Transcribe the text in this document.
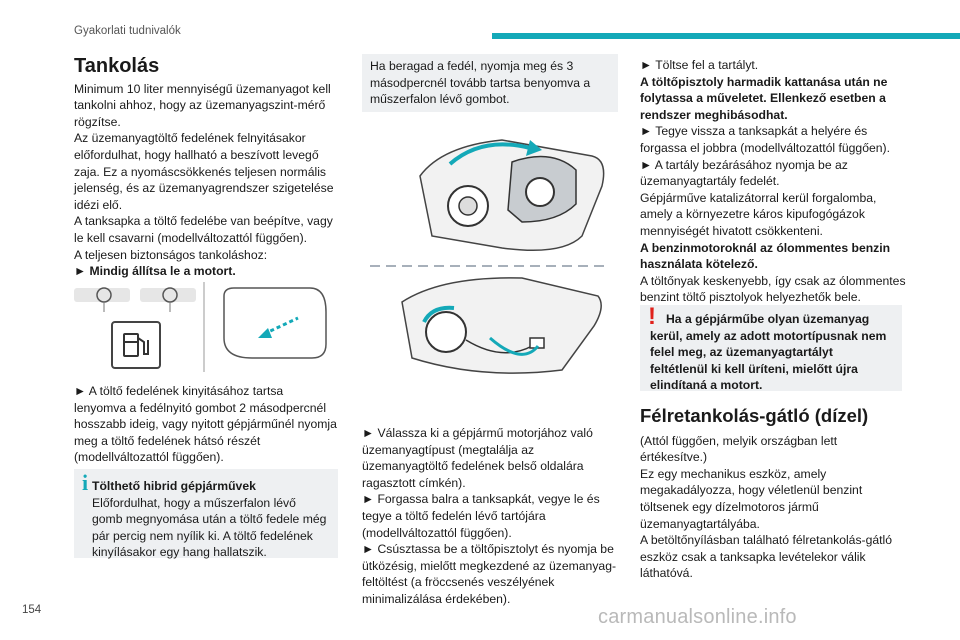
Gyakorlati tudnivalók
Tankolás

Minimum 10 liter mennyiségű üzemanyagot kell tankolni ahhoz, hogy az üzemanyagszint-mérő rögzítse.

Az üzemanyagtöltő fedelének felnyitásakor előfordulhat, hogy hallható a beszívott levegő zaja. Ez a nyomáscsökkenés teljesen normális jelenség, és az üzemanyagrendszer szigetelése idézi elő.

A tanksapka a töltő fedelébe van beépítve, vagy le kell csavarni (modellváltozattól függően).

A teljesen biztonságos tankoláshoz:

► Mindig állítsa le a motort.

► A töltő fedelének kinyitásához tartsa lenyomva a fedélnyitó gombot 2 másodpercnél hosszabb ideig, vagy nyitott gépjárműnél nyomja meg a töltő fedelének hátsó részét (modellváltozattól függően).

i Tölthető hibrid gépjárművek

Előfordulhat, hogy a műszerfalon lévő gomb megnyomása után a töltő fedele még pár percig nem nyílik ki. A töltő fedelének kinyílásakor egy hang hallatszik.

Ha beragad a fedél, nyomja meg és 3 másodpercnél tovább tartsa benyomva a műszerfalon lévő gombot.

► Válassza ki a gépjármű motorjához való üzemanyagtípust (megtalálja az üzemanyagtöltő fedelének belső oldalára ragasztott címkén).

► Forgassa balra a tanksapkát, vegye le és tegye a töltő fedelén lévő tartójára (modellváltozattól függően).

► Csúsztassa be a töltőpisztolyt és nyomja be ütközésig, mielőtt megkezdené az üzemanyag-feltöltést (a fröccsenés veszélyének minimalizálása érdekében).

► Töltse fel a tartályt.

A töltőpisztoly harmadik kattanása után ne folytassa a műveletet. Ellenkező esetben a rendszer meghibásodhat.

► Tegye vissza a tanksapkát a helyére és forgassa el jobbra (modellváltozattól függően).

► A tartály bezárásához nyomja be az üzemanyagtartály fedelét.

Gépjárműve katalizátorral kerül forgalomba, amely a környezetre káros kipufogógázok mennyiségét hivatott csökkenteni.

A benzinmotoroknál az ólommentes benzin használata kötelező.

A töltőnyak keskenyebb, így csak az ólommentes benzint töltő pisztolyok helyezhetők bele.

! Ha a gépjárműbe olyan üzemanyag kerül, amely az adott motortípusnak nem felel meg, az üzemanyagtartályt feltétlenül ki kell üríteni, mielőtt újra elindítaná a motort.

Félretankolás-gátló (dízel)

(Attól függően, melyik országban lett értékesítve.)

Ez egy mechanikus eszköz, amely megakadályozza, hogy véletlenül benzint töltsenek egy dízelmotoros jármű üzemanyagtartályába.

A betöltőnyílásban található félretankolás-gátló eszköz csak a tanksapka levételekor válik láthatóvá.

154	carmanualsonline.info
